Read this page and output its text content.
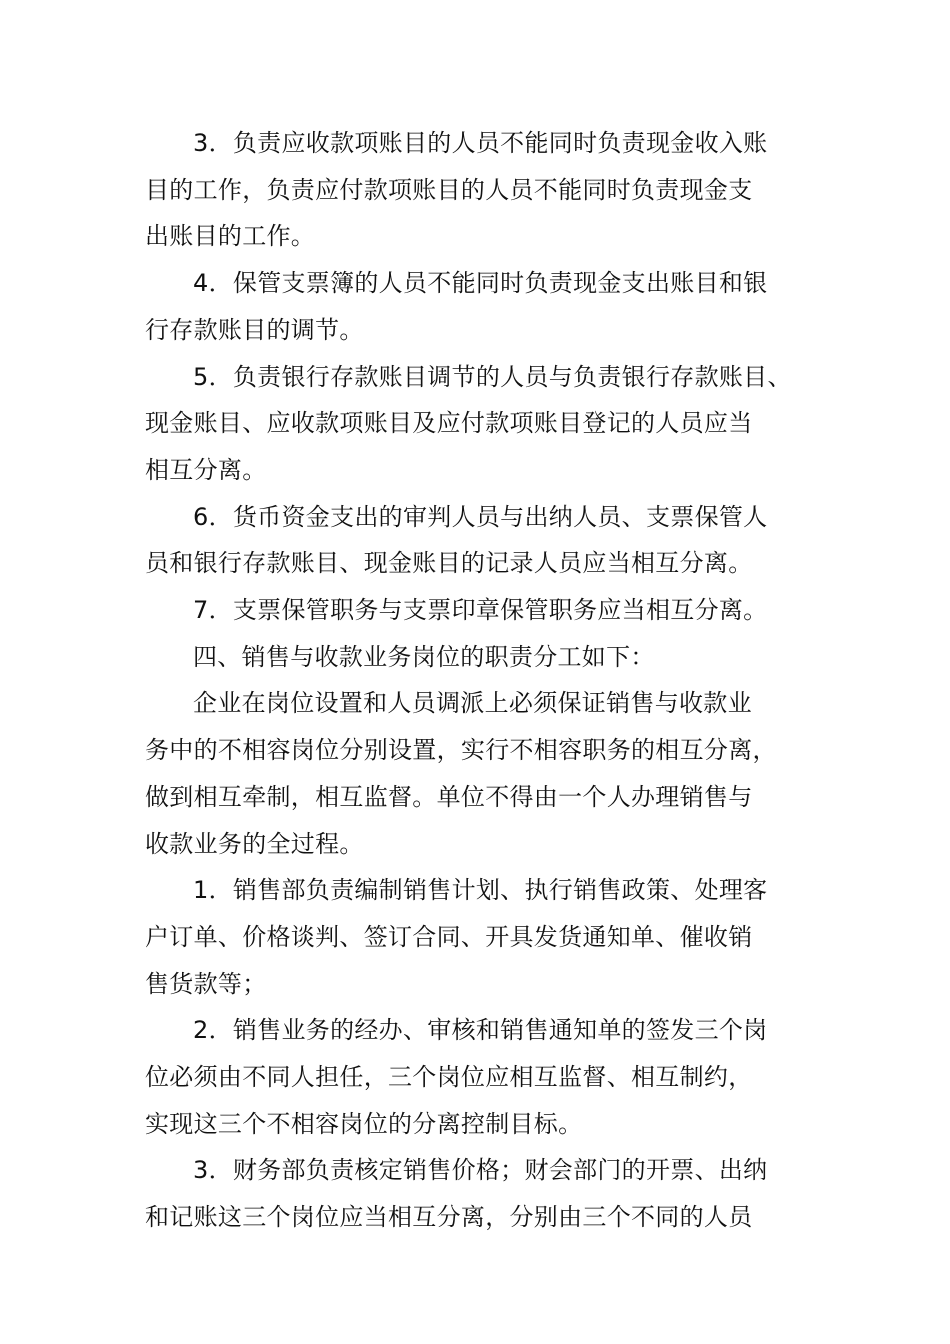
3．负责应收款项账目的人员不能同时负责现金收入账
目的工作，负责应付款项账目的人员不能同时负责现金支
出账目的工作。

4．保管支票簿的人员不能同时负责现金支出账目和银
行存款账目的调节。

5．负责银行存款账目调节的人员与负责银行存款账目、
现金账目、应收款项账目及应付款项账目登记的人员应当
相互分离。

6．货币资金支出的审判人员与出纳人员、支票保管人
员和银行存款账目、现金账目的记录人员应当相互分离。

7．支票保管职务与支票印章保管职务应当相互分离。

四、销售与收款业务岗位的职责分工如下：

企业在岗位设置和人员调派上必须保证销售与收款业
务中的不相容岗位分别设置，实行不相容职务的相互分离，
做到相互牵制，相互监督。单位不得由一个人办理销售与
收款业务的全过程。

1．销售部负责编制销售计划、执行销售政策、处理客
户订单、价格谈判、签订合同、开具发货通知单、催收销
售货款等；

2．销售业务的经办、审核和销售通知单的签发三个岗
位必须由不同人担任，三个岗位应相互监督、相互制约，
实现这三个不相容岗位的分离控制目标。

3．财务部负责核定销售价格；财会部门的开票、出纳
和记账这三个岗位应当相互分离，分别由三个不同的人员
